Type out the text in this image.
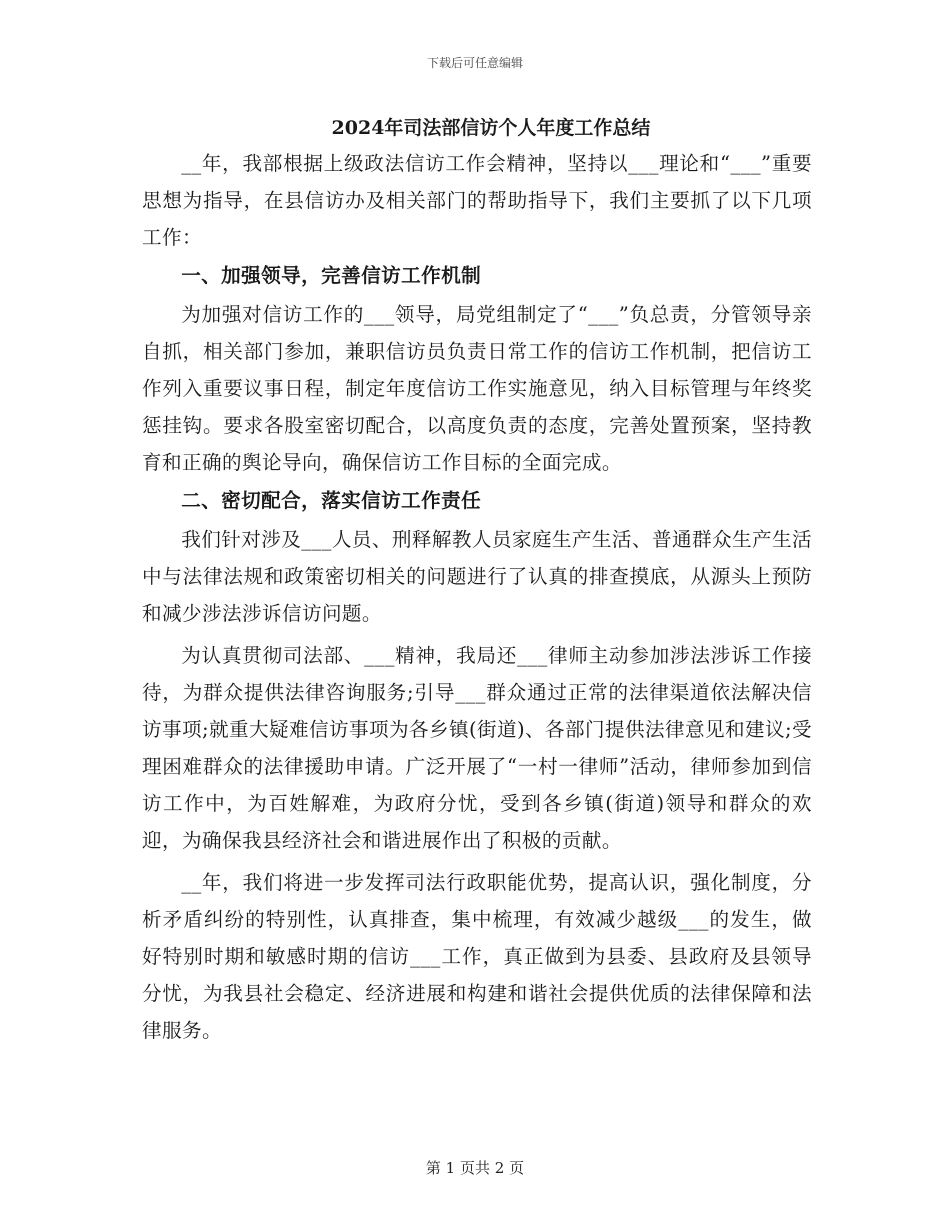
下载后可任意编辑
2024年司法部信访个人年度工作总结

__年，我部根据上级政法信访工作会精神，坚持以___理论和“___”重要思想为指导，在县信访办及相关部门的帮助指导下，我们主要抓了以下几项工作：

一、加强领导，完善信访工作机制

为加强对信访工作的___领导，局党组制定了“___”负总责，分管领导亲自抓，相关部门参加，兼职信访员负责日常工作的信访工作机制，把信访工作列入重要议事日程，制定年度信访工作实施意见，纳入目标管理与年终奖惩挂钩。要求各股室密切配合，以高度负责的态度，完善处置预案，坚持教育和正确的舆论导向，确保信访工作目标的全面完成。

二、密切配合，落实信访工作责任

我们针对涉及___人员、刑释解教人员家庭生产生活、普通群众生产生活中与法律法规和政策密切相关的问题进行了认真的排查摸底，从源头上预防和减少涉法涉诉信访问题。

为认真贯彻司法部、___精神，我局还___律师主动参加涉法涉诉工作接待，为群众提供法律咨询服务;引导___群众通过正常的法律渠道依法解决信访事项;就重大疑难信访事项为各乡镇(街道)、各部门提供法律意见和建议;受理困难群众的法律援助申请。广泛开展了“一村一律师”活动，律师参加到信访工作中，为百姓解难，为政府分忧，受到各乡镇(街道)领导和群众的欢迎，为确保我县经济社会和谐进展作出了积极的贡献。

__年，我们将进一步发挥司法行政职能优势，提高认识，强化制度，分析矛盾纠纷的特别性，认真排查，集中梳理，有效减少越级___的发生，做好特别时期和敏感时期的信访___工作，真正做到为县委、县政府及县领导分忧，为我县社会稳定、经济进展和构建和谐社会提供优质的法律保障和法律服务。

第 1 页共 2 页
